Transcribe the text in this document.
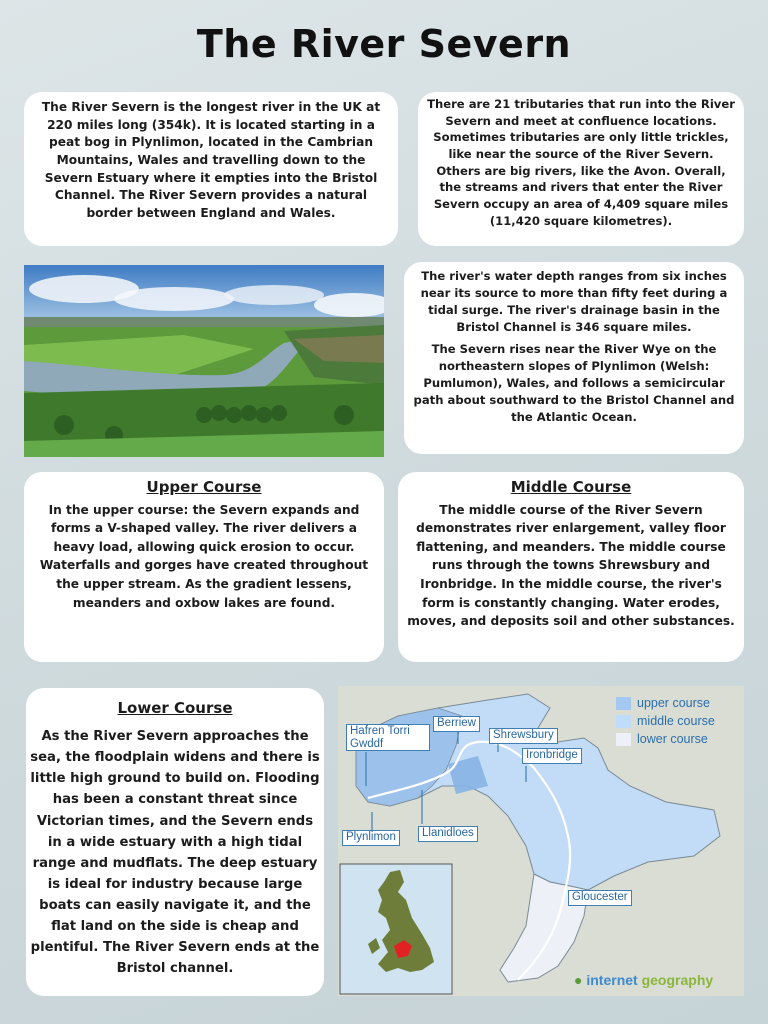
The River Severn

The River Severn is the longest river in the UK at 220 miles long (354k). It is located starting in a peat bog in Plynlimon, located in the Cambrian Mountains, Wales and travelling down to the Severn Estuary where it empties into the Bristol Channel. The River Severn provides a natural border between England and Wales.

There are 21 tributaries that run into the River Severn and meet at confluence locations. Sometimes tributaries are only little trickles, like near the source of the River Severn. Others are big rivers, like the Avon. Overall, the streams and rivers that enter the River Severn occupy an area of 4,409 square miles (11,420 square kilometres).

The river's water depth ranges from six inches near its source to more than fifty feet during a tidal surge. The river's drainage basin in the Bristol Channel is 346 square miles.

The Severn rises near the River Wye on the northeastern slopes of Plynlimon (Welsh: Pumlumon), Wales, and follows a semicircular path about southward to the Bristol Channel and the Atlantic Ocean.

Upper Course

In the upper course: the Severn expands and forms a V-shaped valley. The river delivers a heavy load, allowing quick erosion to occur. Waterfalls and gorges have created throughout the upper stream. As the gradient lessens, meanders and oxbow lakes are found.

Middle Course

The middle course of the River Severn demonstrates river enlargement, valley floor flattening, and meanders. The middle course runs through the towns Shrewsbury and Ironbridge. In the middle course, the river's form is constantly changing. Water erodes, moves, and deposits soil and other substances.

Lower Course

As the River Severn approaches the sea, the floodplain widens and there is little high ground to build on. Flooding has been a constant threat since Victorian times, and the Severn ends in a wide estuary with a high tidal range and mudflats. The deep estuary is ideal for industry because large boats can easily navigate it, and the flat land on the side is cheap and plentiful. The River Severn ends at the Bristol channel.

Hafren Torri Gwddf
Berriew
Shrewsbury
Ironbridge
Plynlimon	Llanidloes
Gloucester
upper course
middle course
lower course
● internet geography
